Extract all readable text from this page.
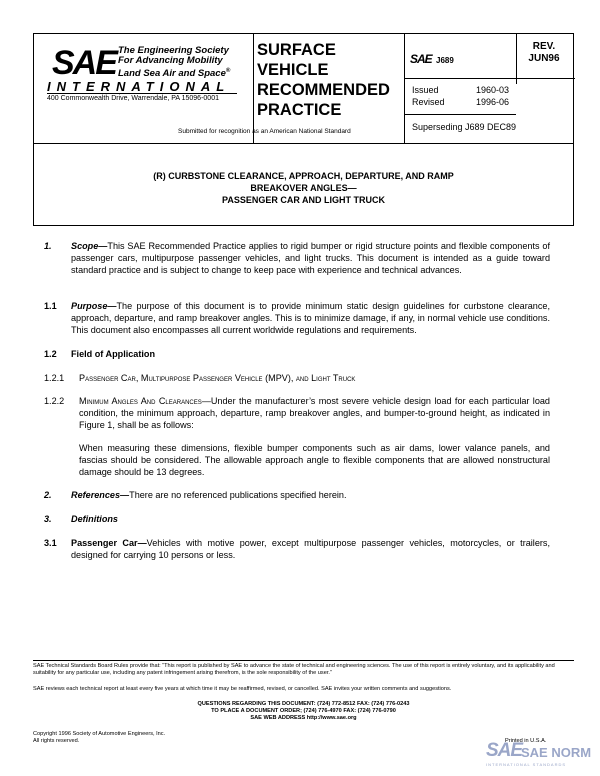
SAE The Engineering Society
For Advancing Mobility
Land Sea Air and Space®
INTERNATIONAL
400 Commonwealth Drive, Warrendale, PA 15096-0001
Submitted for recognition as an American National Standard
SURFACE
VEHICLE
RECOMMENDED
PRACTICE
SAE J689
REV.
JUN96
Issued	1960-03
Revised	1996-06
Superseding J689 DEC89
(R) CURBSTONE CLEARANCE, APPROACH, DEPARTURE, AND RAMP
BREAKOVER ANGLES—
PASSENGER CAR AND LIGHT TRUCK
1.	Scope—This SAE Recommended Practice applies to rigid bumper or rigid structure points and flexible components of passenger cars, multipurpose passenger vehicles, and light trucks. This document is intended as a guide toward standard practice and is subject to change to keep pace with experience and technical advances.
1.1	Purpose—The purpose of this document is to provide minimum static design guidelines for curbstone clearance, approach, departure, and ramp breakover angles. This is to minimize damage, if any, in normal vehicle use conditions. This document also encompasses all current worldwide regulations and requirements.
1.2	Field of Application
1.2.1	Passenger Car, Multipurpose Passenger Vehicle (MPV), and Light Truck
1.2.2	Minimum Angles And Clearances—Under the manufacturer’s most severe vehicle design load for each particular load condition, the minimum approach, departure, ramp breakover angles, and bumper-to-ground height, as indicated in Figure 1, shall be as follows:
When measuring these dimensions, flexible bumper components such as air dams, lower valance panels, and fascias should be considered. The allowable approach angle to flexible components that are allowed nonstructural damage should be 13 degrees.
2.	References—There are no referenced publications specified herein.
3.	Definitions
3.1	Passenger Car—Vehicles with motive power, except multipurpose passenger vehicles, motorcycles, or trailers, designed for carrying 10 persons or less.
SAE Technical Standards Board Rules provide that: “This report is published by SAE to advance the state of technical and engineering sciences. The use of this report is entirely voluntary, and its applicability and suitability for any particular use, including any patent infringement arising therefrom, is the sole responsibility of the user.”
SAE reviews each technical report at least every five years at which time it may be reaffirmed, revised, or cancelled. SAE invites your written comments and suggestions.
QUESTIONS REGARDING THIS DOCUMENT: (724) 772-8512 FAX: (724) 776-0243
TO PLACE A DOCUMENT ORDER; (724) 776-4970 FAX: (724) 776-0790
SAE WEB ADDRESS http://www.sae.org
Copyright 1996 Society of Automotive Engineers, Inc.
All rights reserved.	Printed in U.S.A.
SAE
SAE NORM
INTERNATIONAL STANDARDS
